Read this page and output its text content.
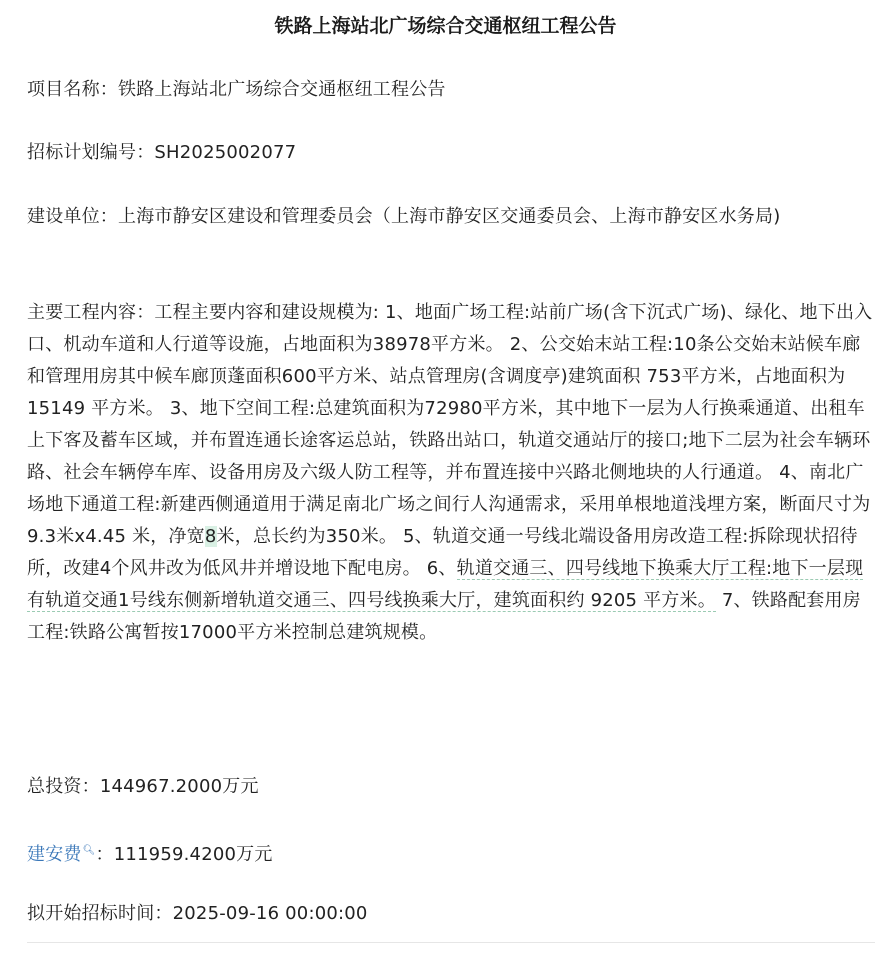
铁路上海站北广场综合交通枢纽工程公告

项目名称：铁路上海站北广场综合交通枢纽工程公告

招标计划编号：SH2025002077

建设单位：上海市静安区建设和管理委员会（上海市静安区交通委员会、上海市静安区水务局)

主要工程内容：工程主要内容和建设规模为: 1、地面广场工程:站前广场(含下沉式广场)、绿化、地下出入口、机动车道和人行道等设施，占地面积为38978平方米。 2、公交始末站工程:10条公交始末站候车廊和管理用房其中候车廊顶蓬面积600平方米、站点管理房(含调度亭)建筑面积 753平方米，占地面积为15149 平方米。 3、地下空间工程:总建筑面积为72980平方米，其中地下一层为人行换乘通道、出租车上下客及蓄车区域，并布置连通长途客运总站，铁路出站口，轨道交通站厅的接口;地下二层为社会车辆环路、社会车辆停车库、设备用房及六级人防工程等，并布置连接中兴路北侧地块的人行通道。 4、南北广场地下通道工程:新建西侧通道用于满足南北广场之间行人沟通需求，采用单根地道浅埋方案，断面尺寸为9.3米x4.45 米，净宽8米，总长约为350米。 5、轨道交通一号线北端设备用房改造工程:拆除现状招待所，改建4个风井改为低风井并增设地下配电房。 6、轨道交通三、四号线地下换乘大厅工程:地下一层现有轨道交通1号线东侧新增轨道交通三、四号线换乘大厅，建筑面积约 9205 平方米。 7、铁路配套用房工程:铁路公寓暂按17000平方米控制总建筑规模。

总投资：144967.2000万元

建安费🔍︎：111959.4200万元

拟开始招标时间：2025-09-16 00:00:00
